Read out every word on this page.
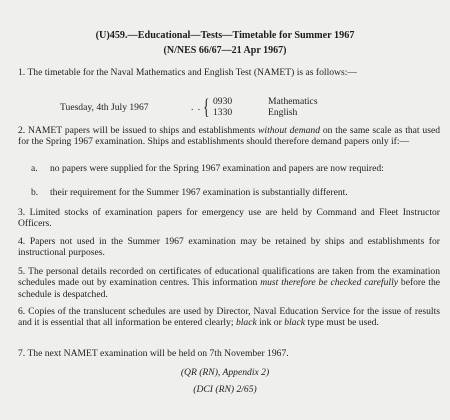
(U)459.—Educational—Tests—Timetable for Summer 1967
(N/NES 66/67—21 Apr 1967)
1. The timetable for the Naval Mathematics and English Test (NAMET) is as follows:—
Tuesday, 4th July 1967	. . { 0930
1330
Mathematics
English
2. NAMET papers will be issued to ships and establishments without demand on the same scale as that used for the Spring 1967 examination. Ships and establishments should therefore demand papers only if:—
a. no papers were supplied for the Spring 1967 examination and papers are now required:
b. their requirement for the Summer 1967 examination is substantially different.
3. Limited stocks of examination papers for emergency use are held by Command and Fleet Instructor Officers.
4. Papers not used in the Summer 1967 examination may be retained by ships and establishments for instructional purposes.
5. The personal details recorded on certificates of educational qualifications are taken from the examination schedules made out by examination centres. This information must therefore be checked carefully before the schedule is despatched.
6. Copies of the translucent schedules are used by Director, Naval Education Service for the issue of results and it is essential that all information be entered clearly; black ink or black type must be used.
7. The next NAMET examination will be held on 7th November 1967.
(QR (RN), Appendix 2)
(DCI (RN) 2/65)
